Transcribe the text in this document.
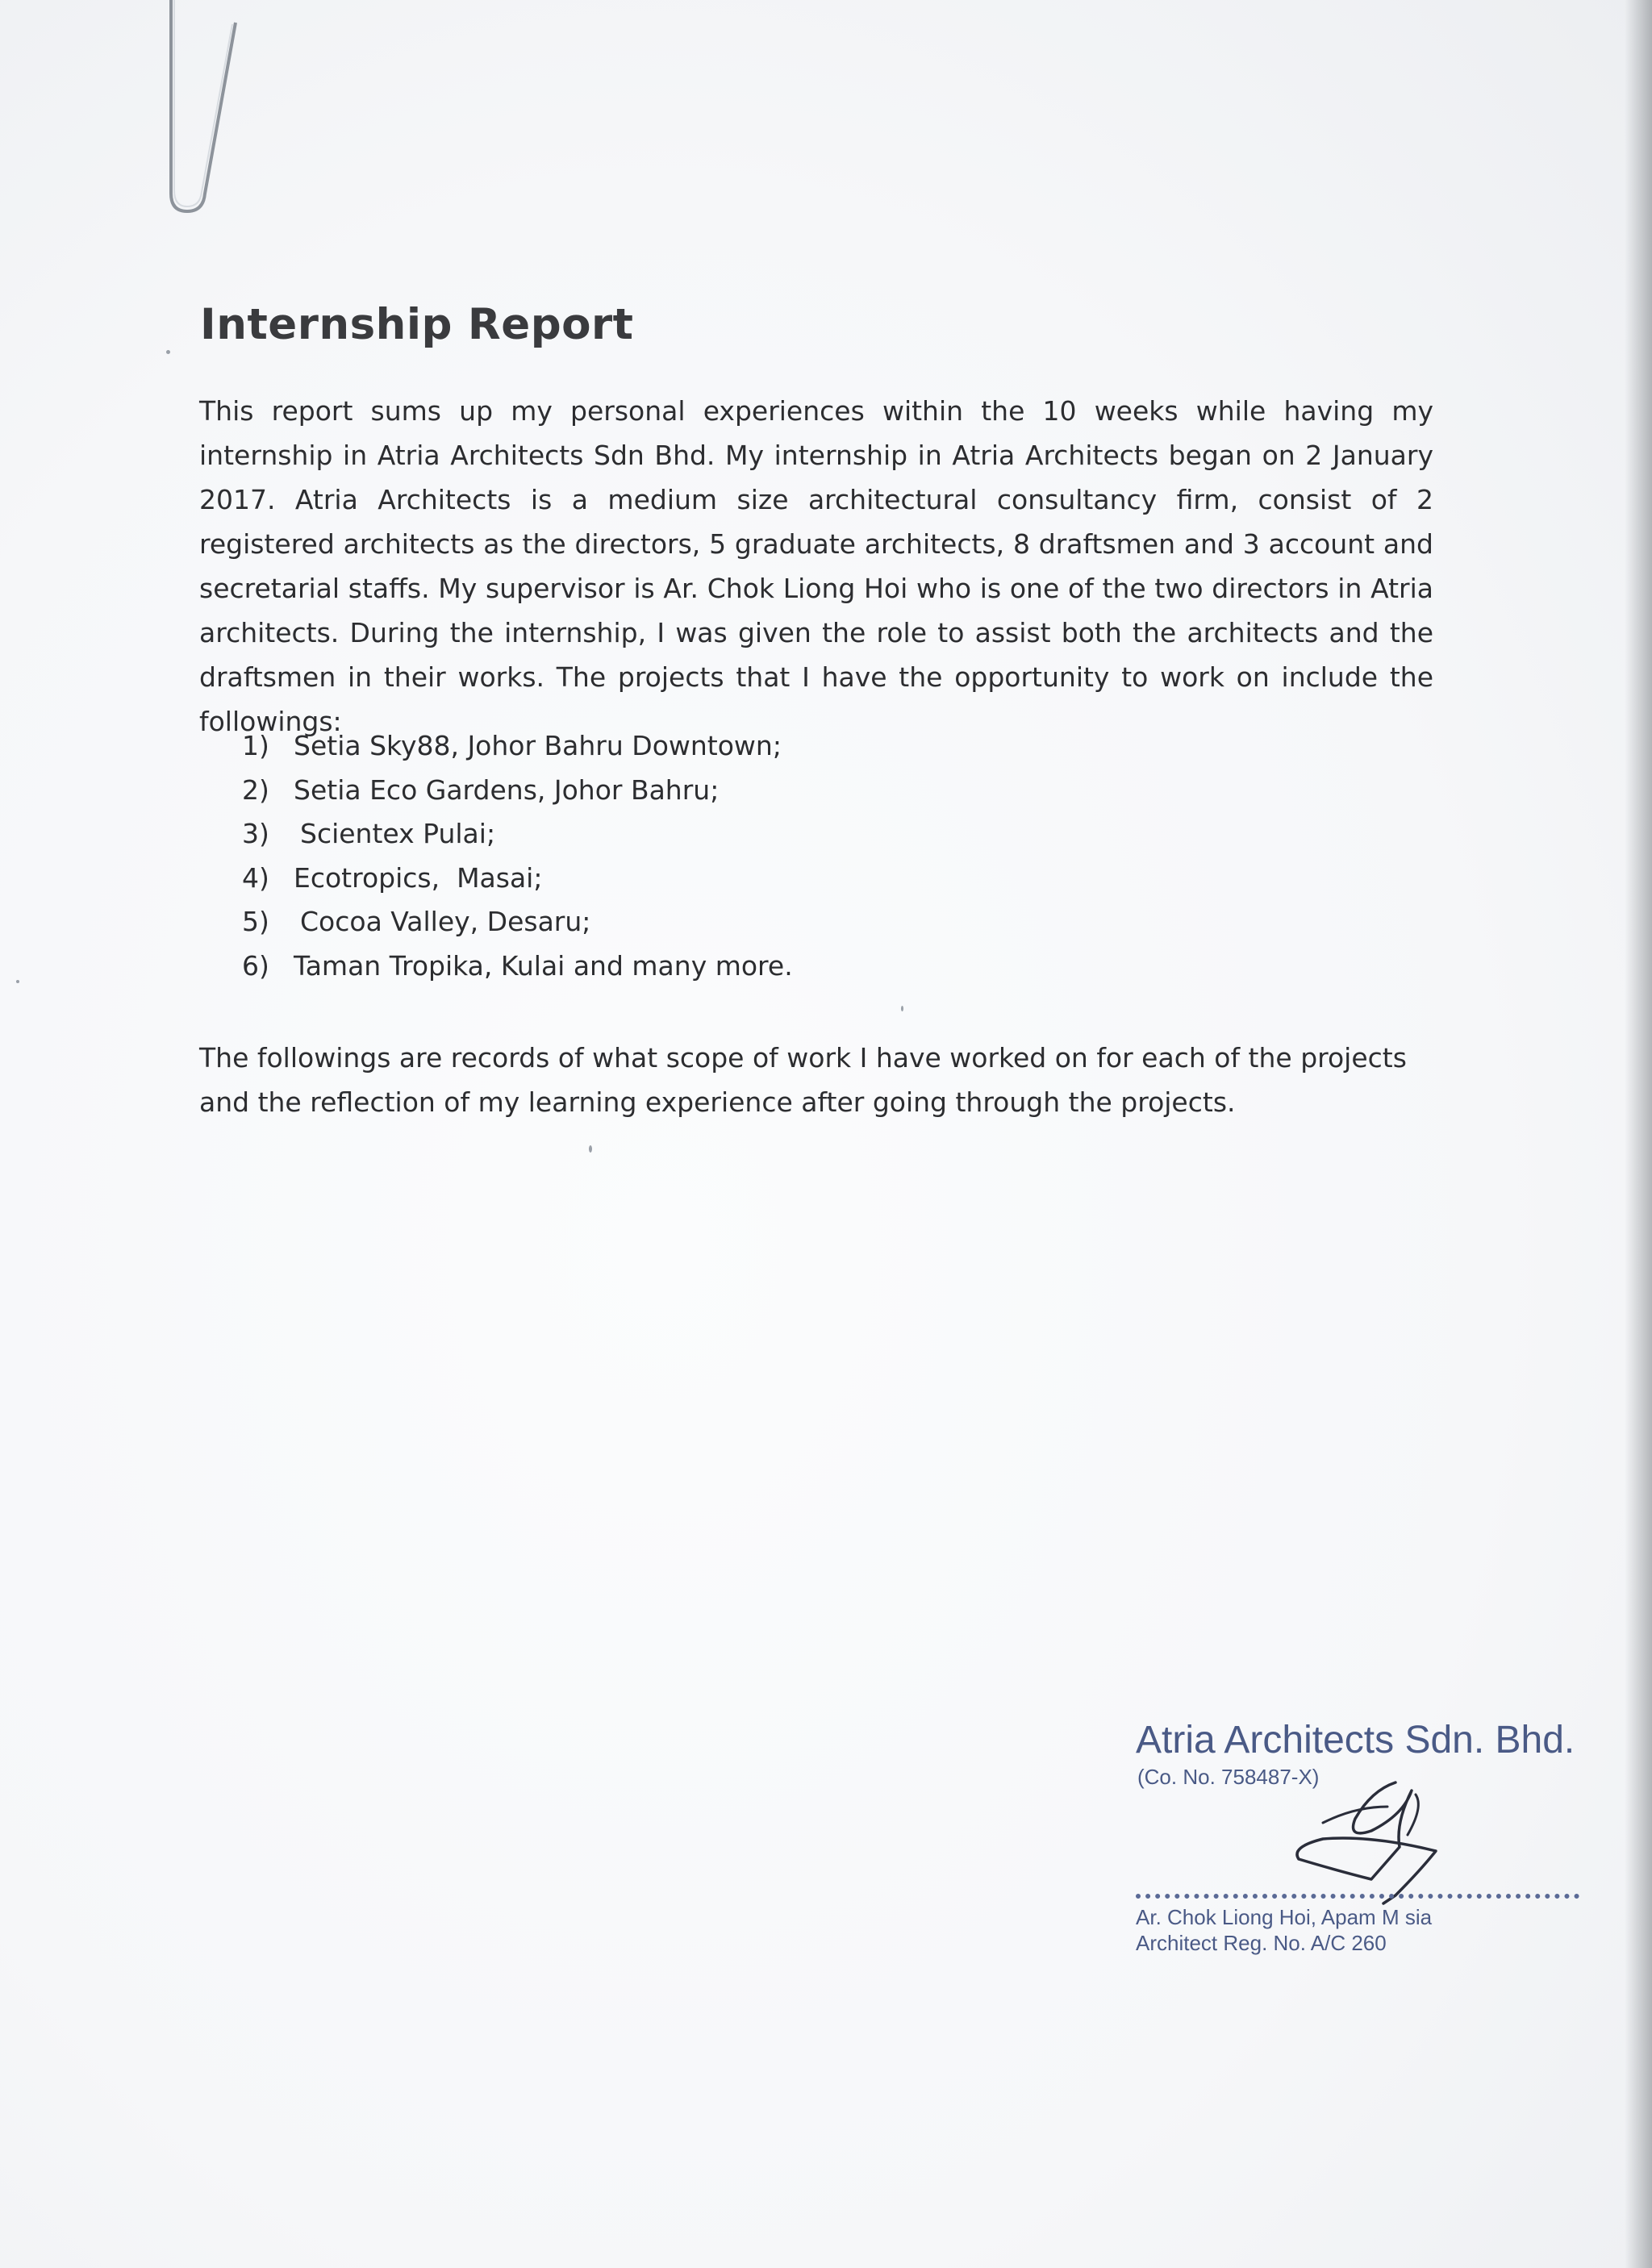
Internship Report

This report sums up my personal experiences within the 10 weeks while having my internship in Atria Architects Sdn Bhd. My internship in Atria Architects began on 2 January 2017. Atria Architects is a medium size architectural consultancy firm, consist of 2 registered architects as the directors, 5 graduate architects, 8 draftsmen and 3 account and secretarial staffs. My supervisor is Ar. Chok Liong Hoi who is one of the two directors in Atria architects. During the internship, I was given the role to assist both the architects and the draftsmen in their works. The projects that I have the opportunity to work on include the followings:

1) Setia Sky88, Johor Bahru Downtown;
2) Setia Eco Gardens, Johor Bahru;
3)	Scientex Pulai;
4) Ecotropics,  Masai;
5)	Cocoa Valley, Desaru;
6) Taman Tropika, Kulai and many more.

The followings are records of what scope of work I have worked on for each of the projects and the reflection of my learning experience after going through the projects.

Atria Architects Sdn. Bhd.
(Co. No. 758487-X)
Ar. Chok Liong Hoi, Apam M sia
Architect Reg. No. A/C 260
